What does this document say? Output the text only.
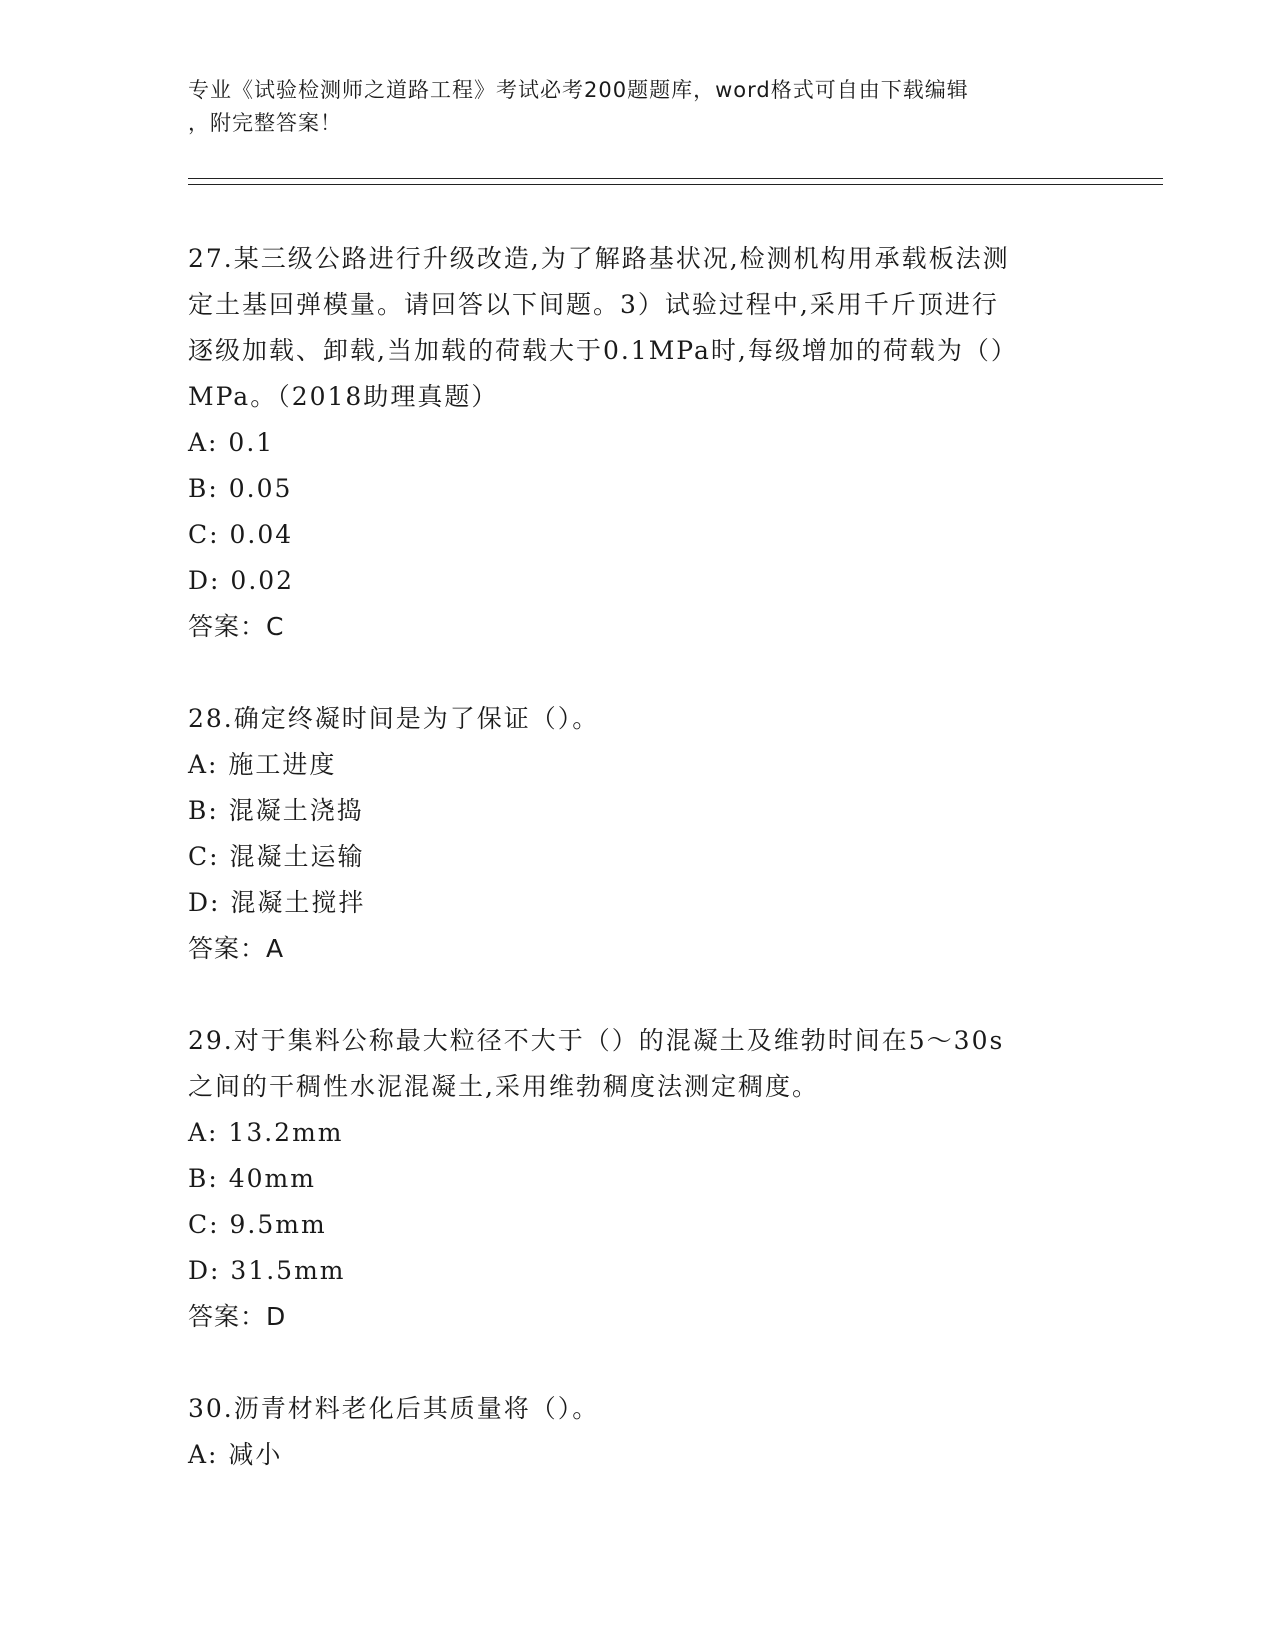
专业《试验检测师之道路工程》考试必考200题题库，word格式可自由下载编辑
，附完整答案！
27.某三级公路进行升级改造,为了解路基状况,检测机构用承载板法测
定土基回弹模量。请回答以下间题。3）试验过程中,采用千斤顶进行
逐级加载、卸载,当加载的荷载大于0.1MPa时,每级增加的荷载为（）
MPa。（2018助理真题）
A: 0.1
B: 0.05
C: 0.04
D: 0.02
答案：C
28.确定终凝时间是为了保证（）。
A: 施工进度
B: 混凝土浇捣
C: 混凝土运输
D: 混凝土搅拌
答案：A
29.对于集料公称最大粒径不大于（）的混凝土及维勃时间在5～30s
之间的干稠性水泥混凝土,采用维勃稠度法测定稠度。
A: 13.2mm
B: 40mm
C: 9.5mm
D: 31.5mm
答案：D
30.沥青材料老化后其质量将（）。
A: 减小
